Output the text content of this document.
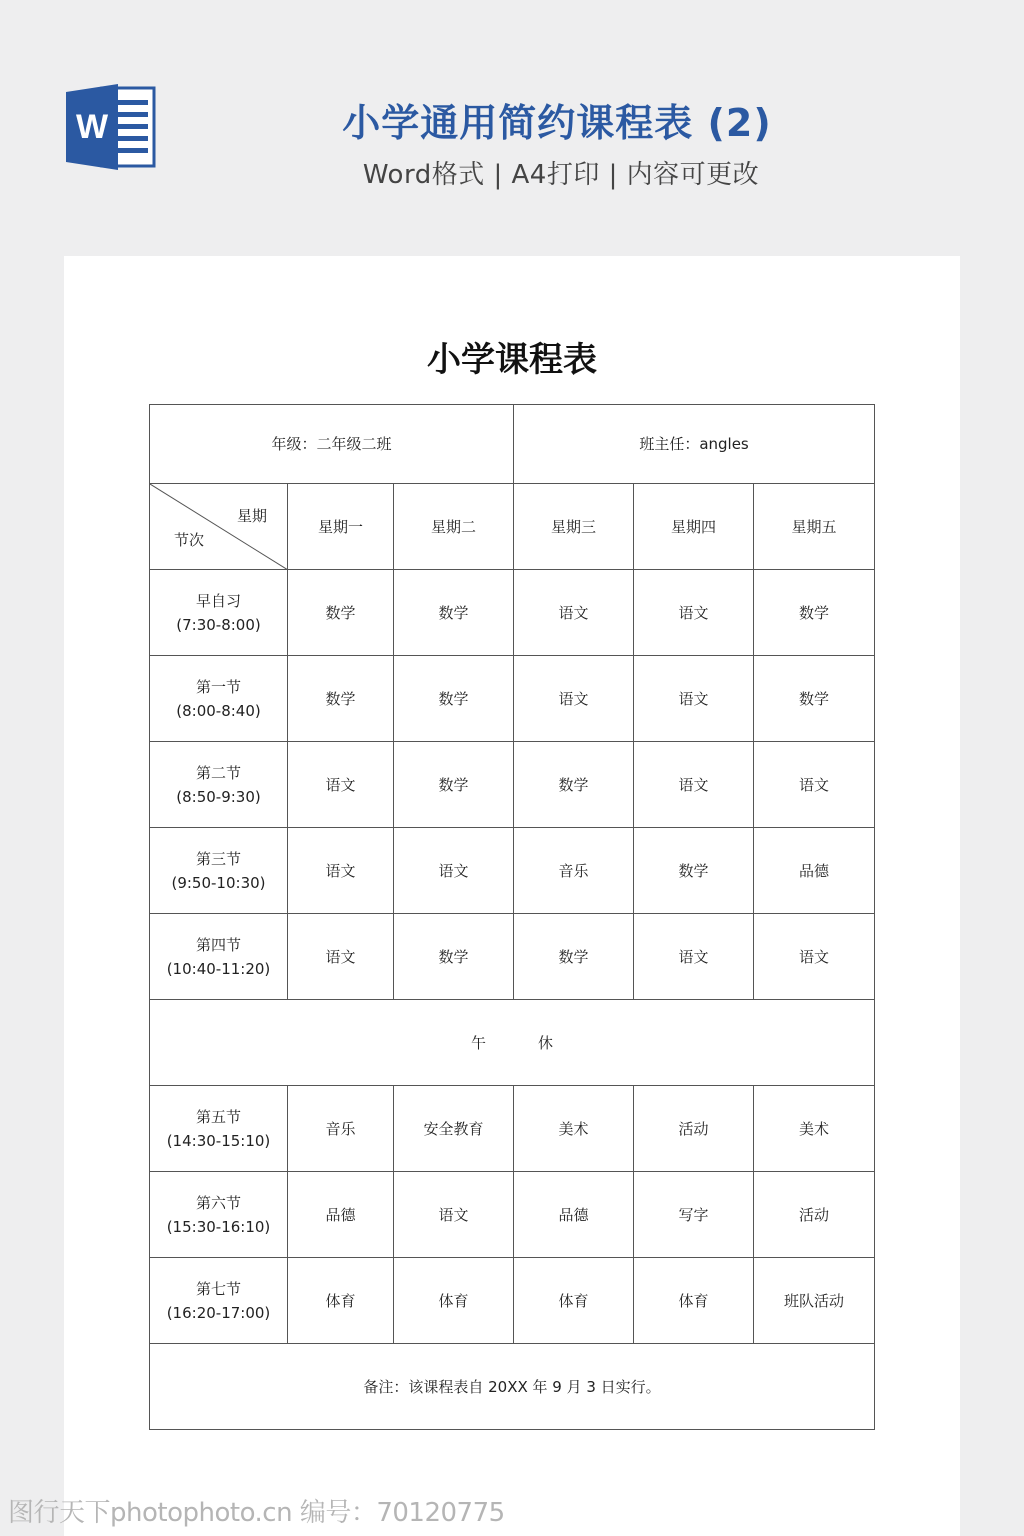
W	小学通用简约课程表 (2)
Word格式 | A4打印 | 内容可更改
小学课程表
年级：二年级二班			班主任：angles		

星期
节次	星期一	星期二	星期三	星期四	星期五

早自习
(7:30-8:00)	数学	数学	语文	语文	数学

第一节
(8:00-8:40)	数学	数学	语文	语文	数学

第二节
(8:50-9:30)	语文	数学	数学	语文	语文

第三节
(9:50-10:30)	语文	语文	音乐	数学	品德

第四节
(10:40-11:20)	语文	数学	数学	语文	语文
午 休					

第五节
(14:30-15:10)	音乐	安全教育	美术	活动	美术

第六节
(15:30-16:10)	品德	语文	品德	写字	活动

第七节
(16:20-17:00)	体育	体育	体育	体育	班队活动
备注：该课程表自 20XX 年 9 月 3 日实行。					
图行天下photophoto.cn 编号：70120775
